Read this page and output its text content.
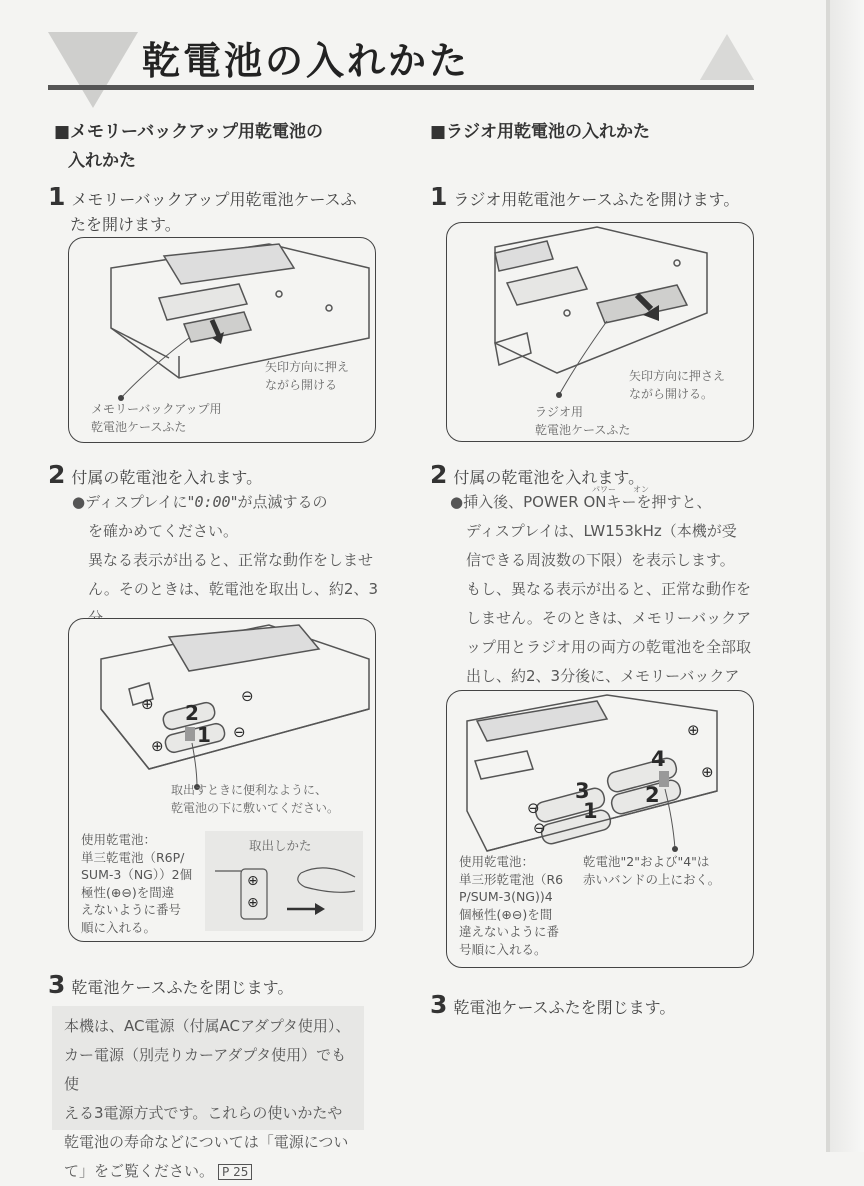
乾電池の入れかた
■メモリーバックアップ用乾電池の
入れかた
1 メモリーバックアップ用乾電池ケースふ
たを開けます。
矢印方向に押え
ながら開ける
メモリーバックアップ用
乾電池ケースふた
2 付属の乾電池を入れます。
●ディスプレイに"0:00"が点滅するの
を確かめてください。
異なる表示が出ると、正常な動作をしませ
ん。そのときは、乾電池を取出し、約2、3
⊕	⊖
⊕
⊖
2
1
取出すときに便利なように、
乾電池の下に敷いてください。
使用乾電池：
単三乾電池（R6P/
SUM-3（NG））2個
極性(⊕⊖)を間違
えないように番号
順に入れる。
取出しかた
⊕
⊕
3 乾電池ケースふたを閉じます。
本機は、AC電源（付属ACアダプタ使用）、
カー電源（別売りカーアダプタ使用）でも使
える3電源方式です。これらの使いかたや
乾電池の寿命などについては「電源につい
て」をご覧ください。 P 25
■ラジオ用乾電池の入れかた
1 ラジオ用乾電池ケースふたを開けます。
矢印方向に押さえ
ながら開ける。
ラジオ用
乾電池ケースふた
2 付属の乾電池を入れます。
パワー オン
●挿入後、POWER ONキーを押すと、
ディスプレイは、LW153kHz（本機が受
信できる周波数の下限）を表示します。
もし、異なる表示が出ると、正常な動作を
しません。そのときは、メモリーバックア
ップ用とラジオ用の両方の乾電池を全部取
出し、約2、3分後に、メモリーバックア
4
3	2
1
⊖
⊖
⊕
⊕
使用乾電池：
単三形乾電池（R6
P/SUM-3(NG))4
個極性(⊕⊖)を間
違えないように番
号順に入れる。
乾電池"2"および"4"は
赤いバンドの上におく。
3 乾電池ケースふたを閉じます。
